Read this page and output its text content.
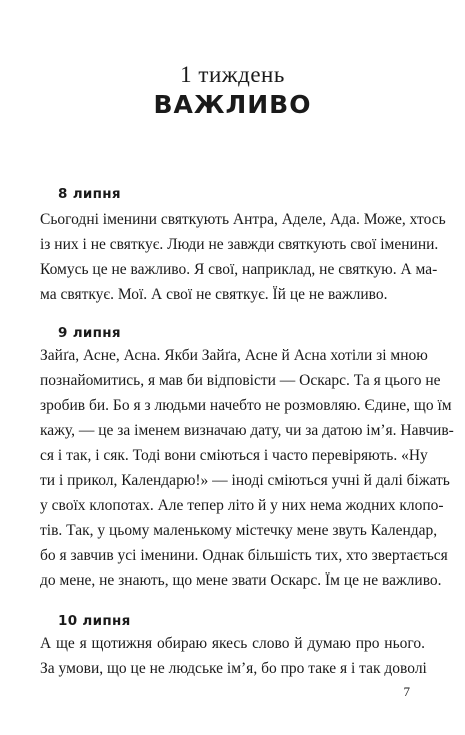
1 тиждень
ВАЖЛИВО
8 липня
Сьогодні іменини святкують Антра, Аделе, Ада. Може, хтось
із них і не святкує. Люди не завжди святкують свої іменини.
Комусь це не важливо. Я свої, наприклад, не святкую. А ма-
ма святкує. Мої. А свої не святкує. Їй це не важливо.
9 липня
Зайґа, Асне, Асна. Якби Зайґа, Асне й Асна хотіли зі мною
познайомитись, я мав би відповісти — Оскарс. Та я цього не
зробив би. Бо я з людьми начебто не розмовляю. Єдине, що їм
кажу, — це за іменем визначаю дату, чи за датою ім’я. Навчив-
ся і так, і сяк. Тоді вони сміються і часто перевіряють. «Ну
ти і прикол, Календарю!» — іноді сміються учні й далі біжать
у своїх клопотах. Але тепер літо й у них нема жодних клопо-
тів. Так, у цьому маленькому містечку мене звуть Календар,
бо я завчив усі іменини. Однак більшість тих, хто звертається
до мене, не знають, що мене звати Оскарс. Їм це не важливо.
10 липня
А ще я щотижня обираю якесь слово й думаю про нього.
За умови, що це не людське ім’я, бо про таке я і так доволі
7
